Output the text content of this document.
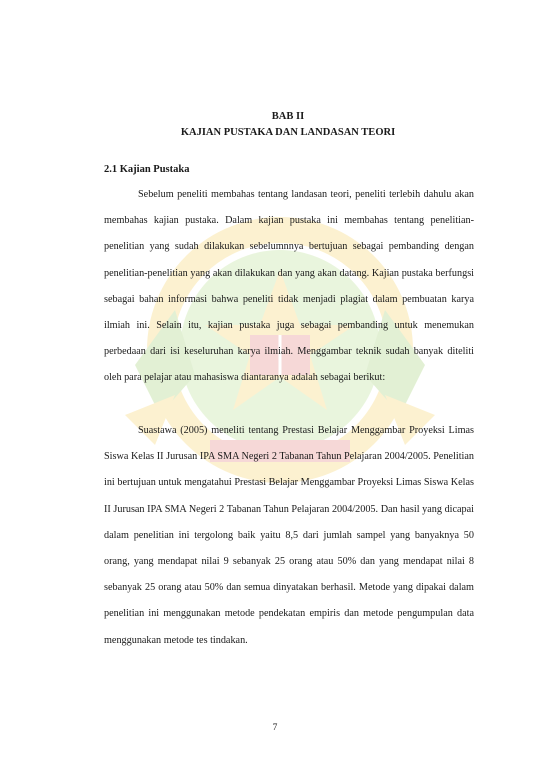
BAB II

KAJIAN PUSTAKA DAN LANDASAN TEORI

2.1 Kajian Pustaka

Sebelum peneliti membahas tentang landasan teori, peneliti terlebih dahulu akan membahas kajian pustaka. Dalam kajian pustaka ini membahas tentang penelitian-penelitian yang sudah dilakukan sebelumnnya bertujuan sebagai pembanding dengan penelitian-penelitian yang akan dilakukan dan yang akan datang. Kajian pustaka berfungsi sebagai bahan informasi bahwa peneliti tidak menjadi plagiat dalam pembuatan karya ilmiah ini. Selain itu, kajian pustaka juga sebagai pembanding untuk menemukan perbedaan dari isi keseluruhan karya ilmiah. Menggambar teknik sudah banyak diteliti oleh para pelajar atau mahasiswa diantaranya adalah sebagai berikut:

Suastawa (2005) meneliti tentang Prestasi Belajar Menggambar Proyeksi Limas Siswa Kelas II Jurusan IPA SMA Negeri 2 Tabanan Tahun Pelajaran 2004/2005. Penelitian ini bertujuan untuk mengatahui Prestasi Belajar Menggambar Proyeksi Limas Siswa Kelas II Jurusan IPA SMA Negeri 2 Tabanan Tahun Pelajaran 2004/2005. Dan hasil yang dicapai dalam penelitian ini tergolong baik yaitu 8,5 dari jumlah sampel yang banyaknya 50 orang, yang mendapat nilai 9 sebanyak 25 orang atau 50% dan yang mendapat nilai 8 sebanyak 25 orang atau 50% dan semua dinyatakan berhasil. Metode yang dipakai dalam penelitian ini menggunakan metode pendekatan empiris dan metode pengumpulan data menggunakan metode tes tindakan.

7
